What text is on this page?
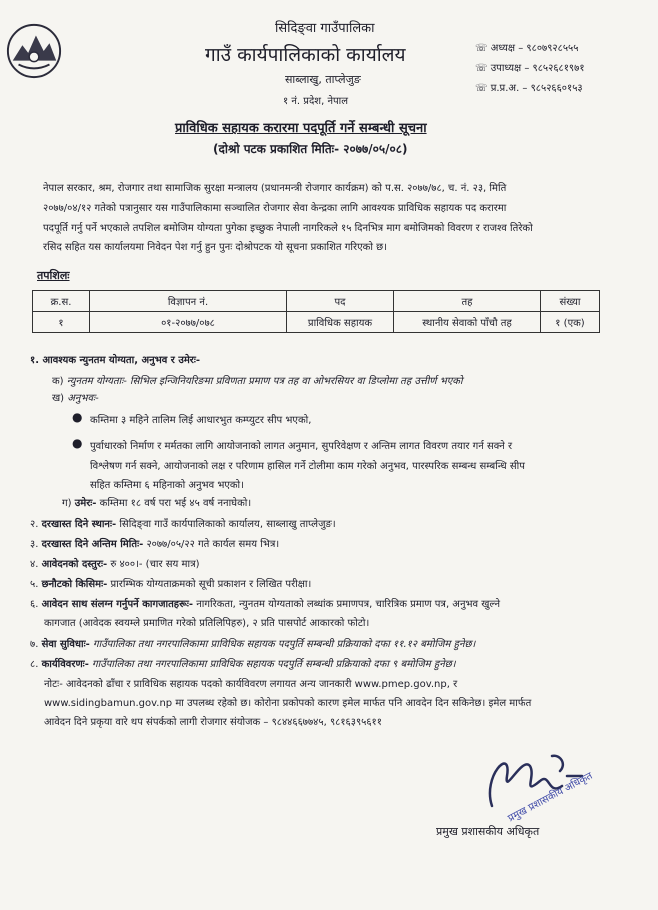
सिदिङ्वा गाउँपालिका
गाउँ कार्यपालिकाको कार्यालय
साब्लाखु, ताप्लेजुङ
१ नं. प्रदेश, नेपाल
☏ अध्यक्ष – ९८०७९२८५५५
☏ उपाध्यक्ष – ९८५२६८१९७१
☏ प्र.प्र.अ. – ९८५२६६०१५३
प्राविधिक सहायक करारमा पदपूर्ति गर्ने सम्बन्धी सूचना
(दोश्रो पटक प्रकाशित मितिः- २०७७/०५/०८)
नेपाल सरकार, श्रम, रोजगार तथा सामाजिक सुरक्षा मन्त्रालय (प्रधानमन्त्री रोजगार कार्यक्रम) को प.स. २०७७/७८, च. नं. २३, मिति
२०७७/०४/१२ गतेको पत्रानुसार यस गाउँपालिकामा सञ्चालित रोजगार सेवा केन्द्रका लागि आवश्यक प्राविधिक सहायक पद करारमा
पदपूर्ति गर्नु पर्ने भएकाले तपशिल बमोजिम योग्यता पुगेका इच्छुक नेपाली नागरिकले १५ दिनभित्र माग बमोजिमको विवरण र राजश्व तिरेको
रसिद सहित यस कार्यालयमा निवेदन पेश गर्नु हुन पुनः दोश्रोपटक यो सूचना प्रकाशित गरिएको छ।
तपशिलः
क्र.स.	विज्ञापन नं.	पद	तह	संख्या
१	०१-२०७७/०७८	प्राविधिक सहायक	स्थानीय सेवाको पाँचौ तह	१ (एक)
१. आवश्यक न्युनतम योग्यता, अनुभव र उमेरः-
क) न्युनतम योग्यताः- सिभिल इन्जिनियरिङमा प्रविणता प्रमाण पत्र तह वा ओभरसियर वा डिप्लोमा तह उत्तीर्ण भएको
ख) अनुभवः-
● कम्तिमा ३ महिने तालिम लिई आधारभुत कम्प्युटर सीप भएको,
● पुर्वाधारको निर्माण र मर्मतका लागि आयोजनाको लागत अनुमान, सुपरिवेक्षण र अन्तिम लागत विवरण तयार गर्न सक्ने र
विश्लेषण गर्न सक्ने, आयोजनाको लक्ष र परिणाम हासिल गर्ने टोलीमा काम गरेको अनुभव, पारस्परिक सम्बन्ध सम्बन्धि सीप
सहित कम्तिमा ६ महिनाको अनुभव भएको।
ग) उमेरः- कम्तिमा १८ वर्ष परा भई ४५ वर्ष ननाघेको।
२. दरखास्त दिने स्थानः- सिदिङ्वा गाउँ कार्यपालिकाको कार्यालय, साब्लाखु ताप्लेजुङ।
३. दरखास्त दिने अन्तिम मितिः- २०७७/०५/२२ गते कार्यल समय भित्र।
४. आवेदनको दस्तुरः- रु ४००।- (चार सय मात्र)
५. छनौटको किसिमः- प्रारम्भिक योग्यताक्रमको सूची प्रकाशन र लिखित परीक्षा।
६. आवेदन साथ संलग्न गर्नुपर्ने कागजातहरूः- नागरिकता, न्युनतम योग्यताको लब्धांक प्रमाणपत्र, चारित्रिक प्रमाण पत्र, अनुभव खुल्ने
कागजात (आवेदक स्वयम्ले प्रमाणित गरेको प्रतिलिपिहरु), २ प्रति पासपोर्ट आकारको फोटो।
७. सेवा सुविधाः- गाउँपालिका तथा नगरपालिकामा प्राविधिक सहायक पदपुर्ति सम्बन्धी प्रक्रियाको दफा ११.१२ बमोजिम हुनेछ।
८. कार्यविवरणः- गाउँपालिका तथा नगरपालिकामा प्राविधिक सहायक पदपुर्ति सम्बन्धी प्रक्रियाको दफा ९ बमोजिम हुनेछ।
नोटः- आवेदनको ढाँचा र प्राविधिक सहायक पदको कार्यविवरण लगायत अन्य जानकारी www.pmep.gov.np, र
www.sidingbamun.gov.np मा उपलब्ध रहेको छ। कोरोना प्रकोपको कारण इमेल मार्फत पनि आवदेन दिन सकिनेछ। इमेल मार्फत
आवेदन दिने प्रकृया वारे थप संपर्कको लागी रोजगार संयोजक – ९८४४६६७७४५, ९८१६३९५६११
प्रमुख प्रशासकीय अधिकृत
प्रमुख प्रशासकीय अधिकृत
